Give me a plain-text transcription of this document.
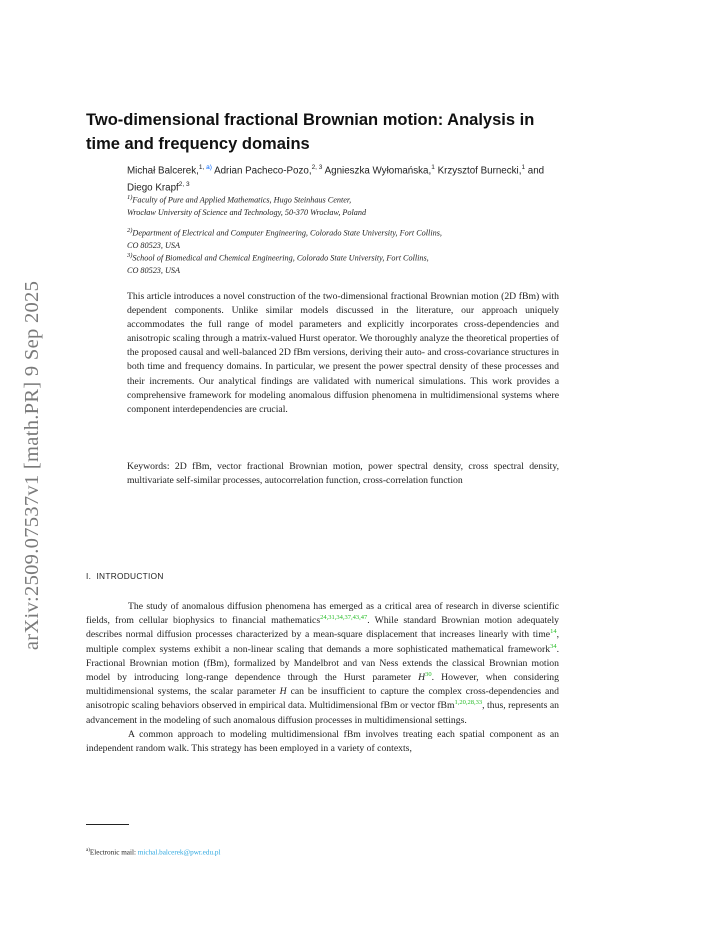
arXiv:2509.07537v1 [math.PR] 9 Sep 2025
Two-dimensional fractional Brownian motion: Analysis in time and frequency domains
Michał Balcerek,$^{1,}$ $^{a)}$ Adrian Pacheco-Pozo,$^{2, 3}$ Agnieszka Wyłomańska,$^1$ Krzysztof Burnecki,$^1$ and Diego Krapf$^{2, 3}$
$^{1)}$Faculty of Pure and Applied Mathematics, Hugo Steinhaus Center,
Wrocław University of Science and Technology, 50-370 Wrocław, Poland
$^{2)}$Department of Electrical and Computer Engineering, Colorado State University, Fort Collins,
CO 80523, USA
$^{3)}$School of Biomedical and Chemical Engineering, Colorado State University, Fort Collins,
CO 80523, USA

This article introduces a novel construction of the two-dimensional fractional Brownian motion (2D fBm) with dependent components. Unlike similar models discussed in the literature, our approach uniquely accommodates the full range of model parameters and explicitly incorporates cross-dependencies and anisotropic scaling through a matrix-valued Hurst operator. We thoroughly analyze the theoretical properties of the proposed causal and well-balanced 2D fBm versions, deriving their auto- and cross-covariance structures in both time and frequency domains. In particular, we present the power spectral density of these processes and their increments. Our analytical findings are validated with numerical simulations. This work provides a comprehensive framework for modeling anomalous diffusion phenomena in multidimensional systems where component interdependencies are crucial.

Keywords: 2D fBm, vector fractional Brownian motion, power spectral density, cross spectral density, multivariate self-similar processes, autocorrelation function, cross-correlation function

I. INTRODUCTION

The study of anomalous diffusion phenomena has emerged as a critical area of research in diverse scientific fields, from cellular biophysics to financial mathematics$^{24,31,34,37,43,47}$. While standard Brownian motion adequately describes normal diffusion processes characterized by a mean-square displacement that increases linearly with time$^{14}$, multiple complex systems exhibit a non-linear scaling that demands a more sophisticated mathematical framework$^{34}$. Fractional Brownian motion (fBm), formalized by Mandelbrot and van Ness extends the classical Brownian motion model by introducing long-range dependence through the Hurst parameter H$^{30}$. However, when considering multidimensional systems, the scalar parameter H can be insufficient to capture the complex cross-dependencies and anisotropic scaling behaviors observed in empirical data. Multidimensional fBm or vector fBm$^{1,20,28,33}$, thus, represents an advancement in the modeling of such anomalous diffusion processes in multidimensional settings.

A common approach to modeling multidimensional fBm involves treating each spatial component as an independent random walk. This strategy has been employed in a variety of contexts,

$^{a)}$Electronic mail: michal.balcerek@pwr.edu.pl
